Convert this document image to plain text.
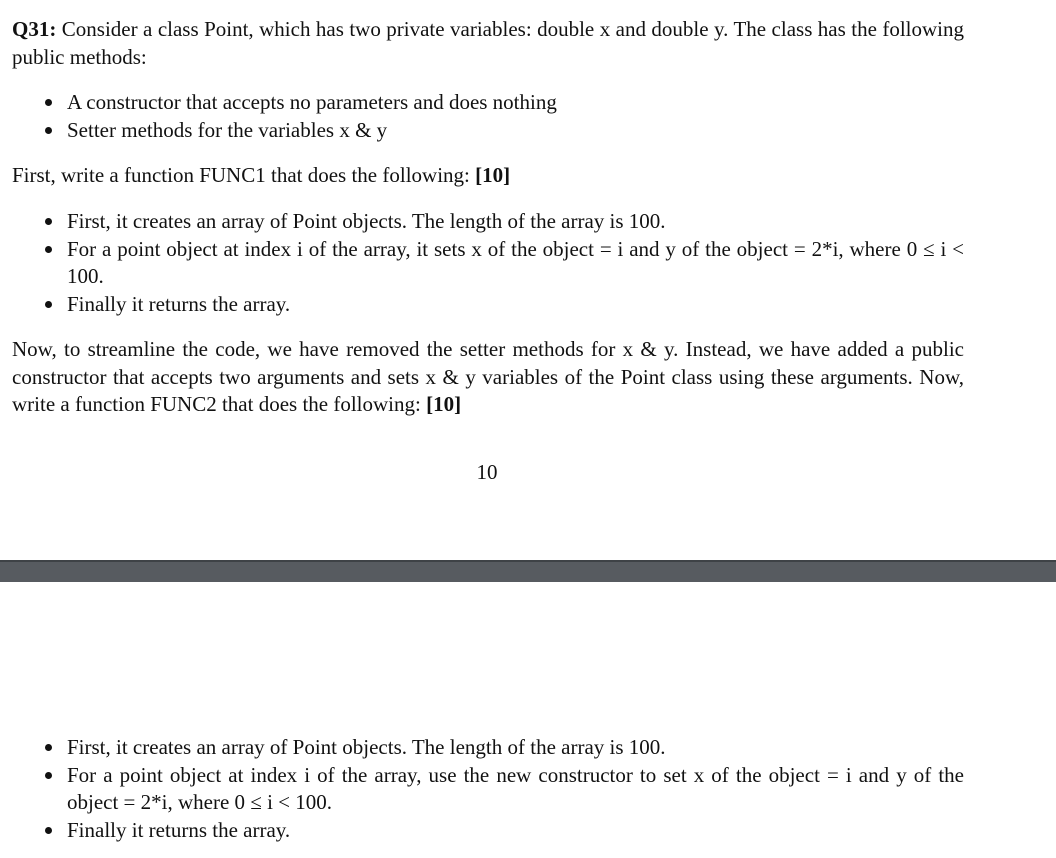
Q31: Consider a class Point, which has two private variables: double x and double y. The class has the following public methods:

A constructor that accepts no parameters and does nothing
Setter methods for the variables x & y

First, write a function FUNC1 that does the following: [10]

First, it creates an array of Point objects. The length of the array is 100.
For a point object at index i of the array, it sets x of the object = i and y of the object = 2*i, where 0 ≤ i < 100.
Finally it returns the array.

Now, to streamline the code, we have removed the setter methods for x & y. Instead, we have added a public constructor that accepts two arguments and sets x & y variables of the Point class using these arguments. Now, write a function FUNC2 that does the following: [10]

10
First, it creates an array of Point objects. The length of the array is 100.
For a point object at index i of the array, use the new constructor to set x of the object = i and y of the object = 2*i, where 0 ≤ i < 100.
Finally it returns the array.
